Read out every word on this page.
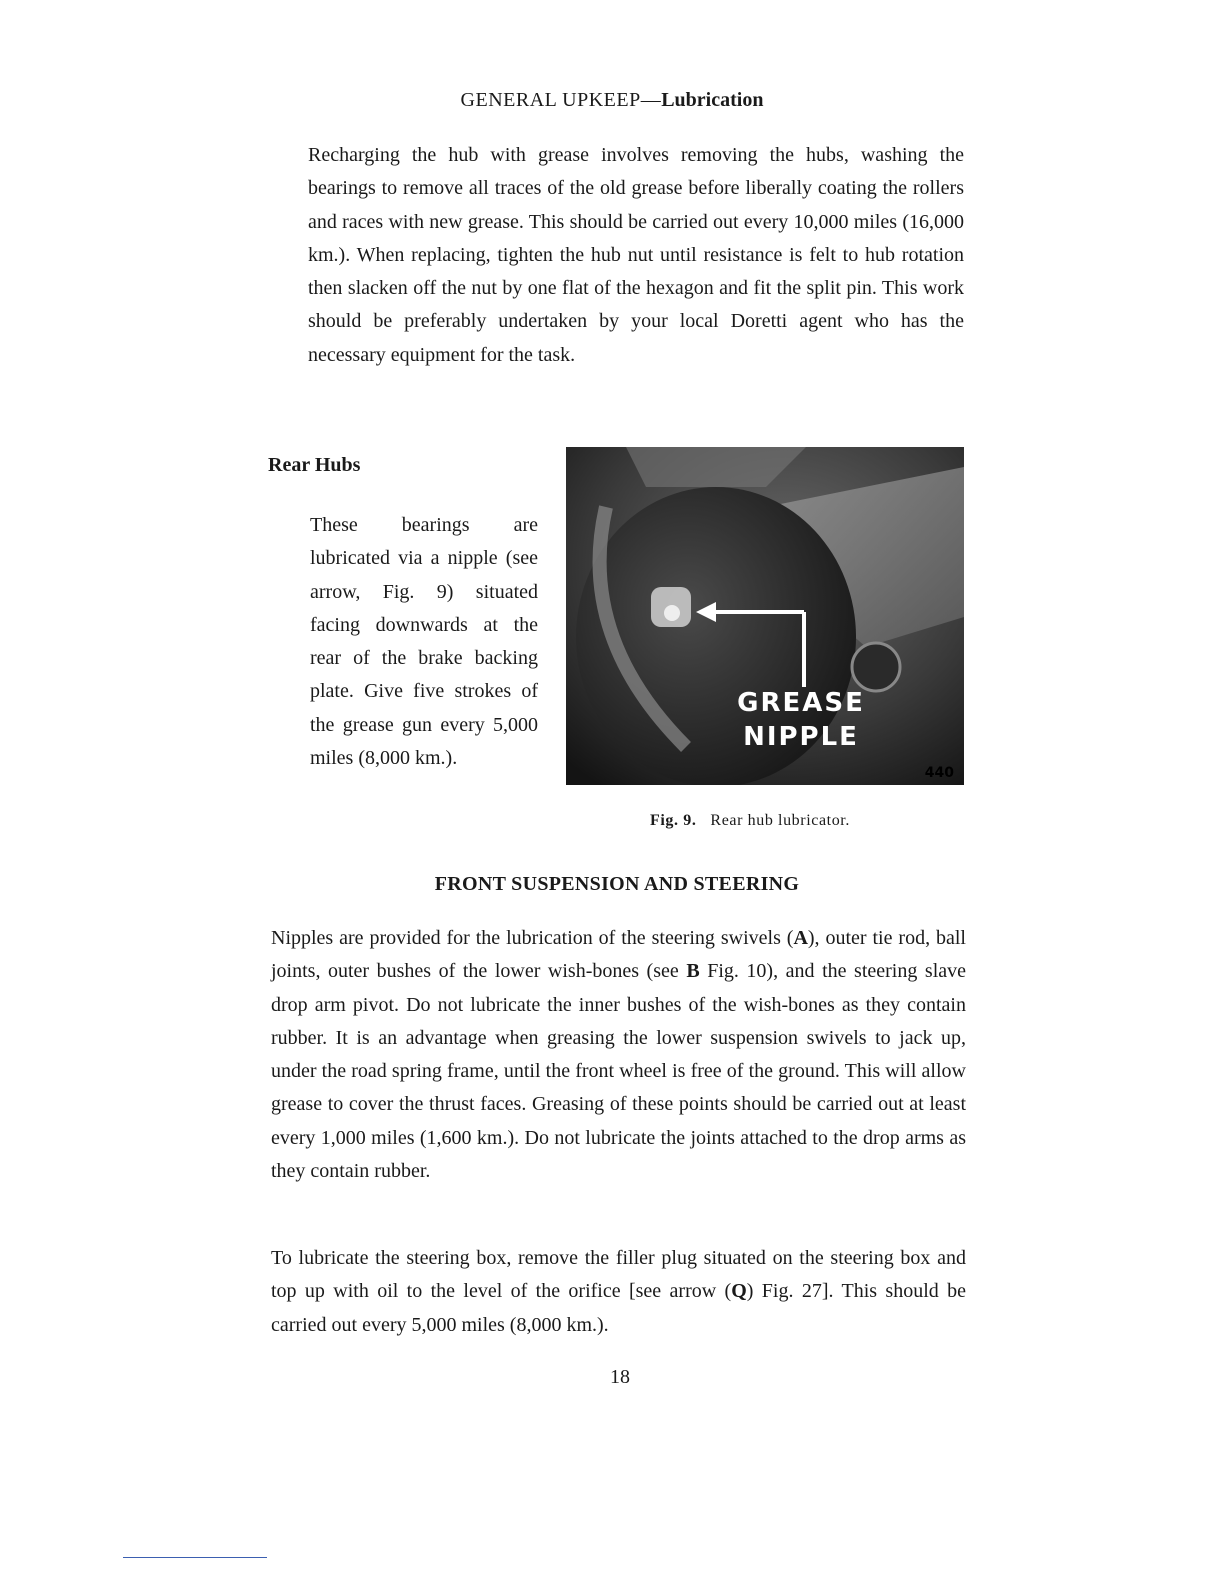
GENERAL UPKEEP—Lubrication

Recharging the hub with grease involves removing the hubs, washing the bearings to remove all traces of the old grease before liberally coating the rollers and races with new grease. This should be carried out every 10,000 miles (16,000 km.). When replacing, tighten the hub nut until resistance is felt to hub rotation then slacken off the nut by one flat of the hexagon and fit the split pin. This work should be preferably undertaken by your local Doretti agent who has the necessary equipment for the task.

Rear Hubs

These bearings are lubricated via a nipple (see arrow, Fig. 9) situated facing downwards at the rear of the brake backing plate. Give five strokes of the grease gun every 5,000 miles (8,000 km.).

GREASE
NIPPLE
440
Fig. 9. Rear hub lubricator.
FRONT SUSPENSION AND STEERING

Nipples are provided for the lubrication of the steering swivels (A), outer tie rod, ball joints, outer bushes of the lower wish-bones (see B Fig. 10), and the steering slave drop arm pivot. Do not lubricate the inner bushes of the wish-bones as they contain rubber. It is an advantage when greasing the lower suspension swivels to jack up, under the road spring frame, until the front wheel is free of the ground. This will allow grease to cover the thrust faces. Greasing of these points should be carried out at least every 1,000 miles (1,600 km.). Do not lubricate the joints attached to the drop arms as they contain rubber.

To lubricate the steering box, remove the filler plug situated on the steering box and top up with oil to the level of the orifice [see arrow (Q) Fig. 27]. This should be carried out every 5,000 miles (8,000 km.).

18
